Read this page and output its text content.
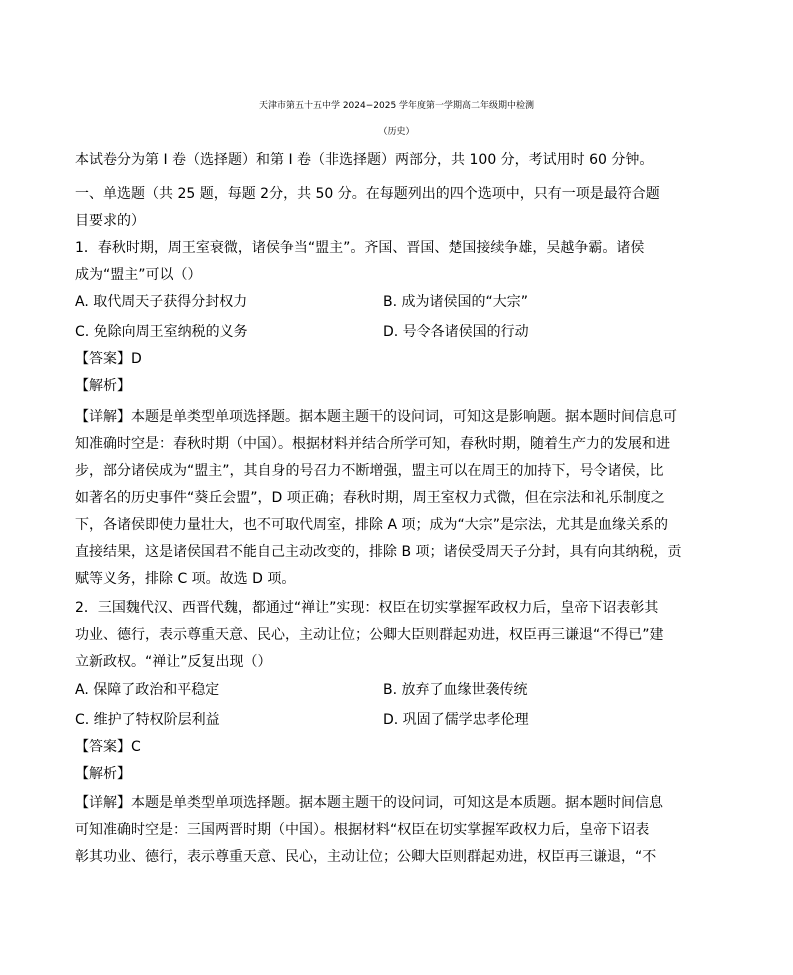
天津市第五十五中学 2024−2025 学年度第一学期高二年级期中检测
（历史）
本试卷分为第 I 卷（选择题）和第 I 卷（非选择题）两部分，共 100 分，考试用时 60 分钟。
一、单选题（共 25 题，每题 2分，共 50 分。在每题列出的四个选项中，只有一项是最符合题
目要求的）
1．春秋时期，周王室衰微，诸侯争当“盟主”。齐国、晋国、楚国接续争雄，吴越争霸。诸侯
成为“盟主”可以（）
A. 取代周天子获得分封权力	B. 成为诸侯国的“大宗”
C. 免除向周王室纳税的义务	D. 号令各诸侯国的行动
【答案】D
【解析】
【详解】本题是单类型单项选择题。据本题主题干的设问词，可知这是影响题。据本题时间信息可
知准确时空是：春秋时期（中国）。根据材料并结合所学可知，春秋时期，随着生产力的发展和进
步，部分诸侯成为“盟主”，其自身的号召力不断增强，盟主可以在周王的加持下，号令诸侯，比
如著名的历史事件“葵丘会盟”，D 项正确；春秋时期，周王室权力式微，但在宗法和礼乐制度之
下，各诸侯即使力量壮大，也不可取代周室，排除 A 项；成为“大宗”是宗法，尤其是血缘关系的
直接结果，这是诸侯国君不能自己主动改变的，排除 B 项；诸侯受周天子分封，具有向其纳税，贡
赋等义务，排除 C 项。故选 D 项。
2．三国魏代汉、西晋代魏，都通过“禅让”实现：权臣在切实掌握军政权力后，皇帝下诏表彰其
功业、德行，表示尊重天意、民心，主动让位；公卿大臣则群起劝进，权臣再三谦退“不得已”建
立新政权。“禅让”反复出现（）
A. 保障了政治和平稳定	B. 放弃了血缘世袭传统
C. 维护了特权阶层利益	D. 巩固了儒学忠孝伦理
【答案】C
【解析】
【详解】本题是单类型单项选择题。据本题主题干的设问词，可知这是本质题。据本题时间信息
可知准确时空是：三国两晋时期（中国）。根据材料“权臣在切实掌握军政权力后，皇帝下诏表
彰其功业、德行，表示尊重天意、民心，主动让位；公卿大臣则群起劝进，权臣再三谦退，“不
